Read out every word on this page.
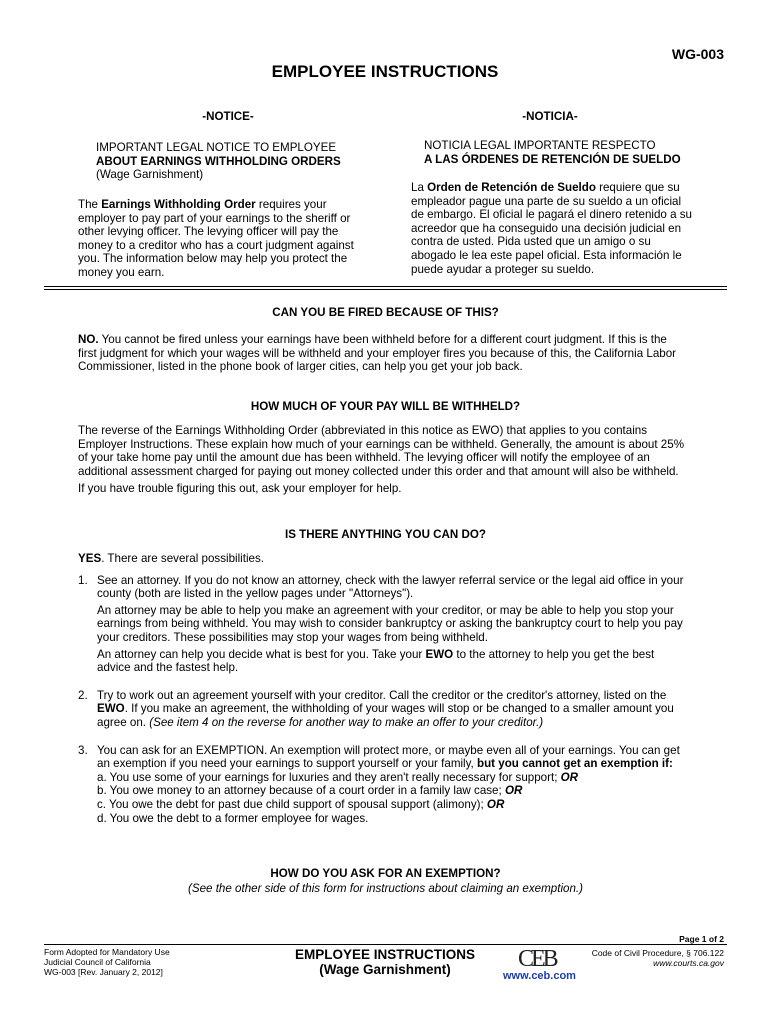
WG-003
EMPLOYEE INSTRUCTIONS
-NOTICE-	-NOTICIA-

IMPORTANT LEGAL NOTICE TO EMPLOYEE

ABOUT EARNINGS WITHHOLDING ORDERS

(Wage Garnishment)

The Earnings Withholding Order requires your employer to pay part of your earnings to the sheriff or other levying officer. The levying officer will pay the money to a creditor who has a court judgment against you. The information below may help you protect the money you earn.

NOTICIA LEGAL IMPORTANTE RESPECTO

A LAS ÓRDENES DE RETENCIÓN DE SUELDO

La Orden de Retención de Sueldo requiere que su empleador pague una parte de su sueldo a un oficial de embargo. El oficial le pagará el dinero retenido a su acreedor que ha conseguido una decisión judicial en contra de usted. Pida usted que un amigo o su abogado le lea este papel oficial. Esta información le puede ayudar a proteger su sueldo.

CAN YOU BE FIRED BECAUSE OF THIS?

NO. You cannot be fired unless your earnings have been withheld before for a different court judgment. If this is the first judgment for which your wages will be withheld and your employer fires you because of this, the California Labor Commissioner, listed in the phone book of larger cities, can help you get your job back.

HOW MUCH OF YOUR PAY WILL BE WITHHELD?

The reverse of the Earnings Withholding Order (abbreviated in this notice as EWO) that applies to you contains Employer Instructions. These explain how much of your earnings can be withheld. Generally, the amount is about 25% of your take home pay until the amount due has been withheld. The levying officer will notify the employee of an additional assessment charged for paying out money collected under this order and that amount will also be withheld.

If you have trouble figuring this out, ask your employer for help.

IS THERE ANYTHING YOU CAN DO?

YES. There are several possibilities.

1. See an attorney. If you do not know an attorney, check with the lawyer referral service or the legal aid office in your county (both are listed in the yellow pages under "Attorneys").

An attorney may be able to help you make an agreement with your creditor, or may be able to help you stop your earnings from being withheld. You may wish to consider bankruptcy or asking the bankruptcy court to help you pay your creditors. These possibilities may stop your wages from being withheld.

An attorney can help you decide what is best for you. Take your EWO to the attorney to help you get the best advice and the fastest help.

2. Try to work out an agreement yourself with your creditor. Call the creditor or the creditor's attorney, listed on the EWO. If you make an agreement, the withholding of your wages will stop or be changed to a smaller amount you agree on. (See item 4 on the reverse for another way to make an offer to your creditor.)

3. You can ask for an EXEMPTION. An exemption will protect more, or maybe even all of your earnings. You can get an exemption if you need your earnings to support yourself or your family, but you cannot get an exemption if:

a. You use some of your earnings for luxuries and they aren't really necessary for support; OR

b. You owe money to an attorney because of a court order in a family law case; OR

c. You owe the debt for past due child support of spousal support (alimony); OR

d. You owe the debt to a former employee for wages.

HOW DO YOU ASK FOR AN EXEMPTION?
(See the other side of this form for instructions about claiming an exemption.)
Page 1 of 2
Form Adopted for Mandatory Use
Judicial Council of California
WG-003 [Rev. January 2, 2012]
EMPLOYEE INSTRUCTIONS
(Wage Garnishment)	CEB
www.ceb.com
Code of Civil Procedure, § 706.122
www.courts.ca.gov
